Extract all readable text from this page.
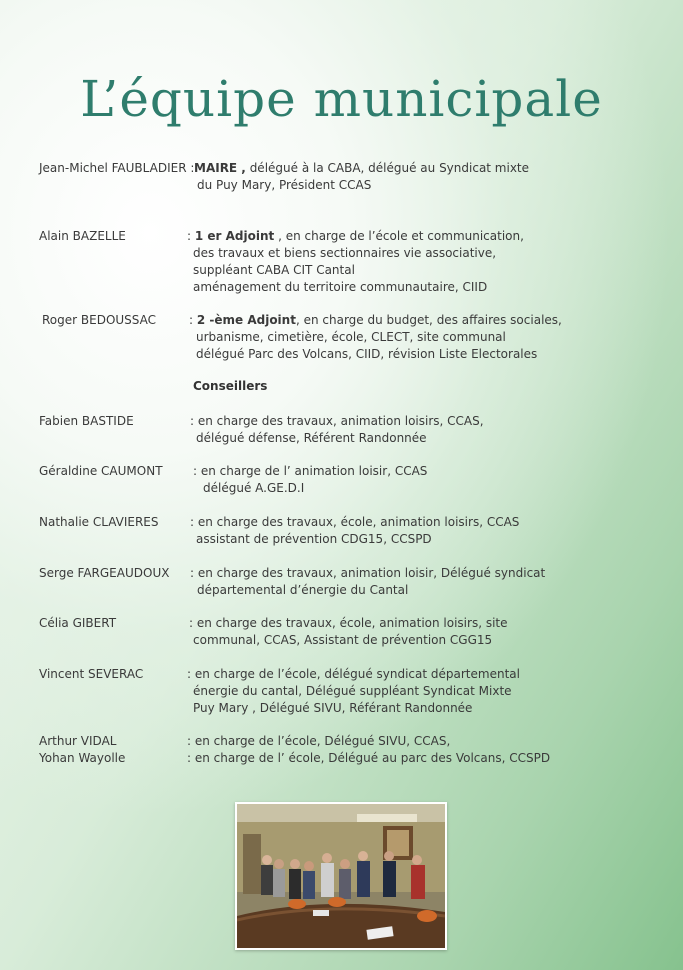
L’équipe municipale
Jean-Michel FAUBLADIER : MAIRE , délégué à la CABA, délégué au Syndicat mixte
du Puy Mary, Président CCAS
Alain BAZELLE	: 1 er Adjoint , en charge de l’école et communication,
des travaux et biens sectionnaires vie associative,
suppléant CABA CIT Cantal
aménagement du territoire communautaire, CIID
Roger BEDOUSSAC	: 2 -ème Adjoint, en charge du budget, des affaires sociales,
urbanisme, cimetière, école, CLECT, site communal
délégué Parc des Volcans, CIID, révision Liste Electorales
Conseillers
Fabien BASTIDE	: en charge des travaux, animation loisirs, CCAS,
délégué défense, Référent Randonnée
Géraldine CAUMONT	: en charge de l’ animation loisir, CCAS
délégué A.GE.D.I
Nathalie CLAVIERES	: en charge des travaux, école, animation loisirs, CCAS
assistant de prévention CDG15, CCSPD
Serge FARGEAUDOUX : en charge des travaux, animation loisir, Délégué syndicat
départemental d’énergie du Cantal
Célia GIBERT	: en charge des travaux, école, animation loisirs, site
communal, CCAS, Assistant de prévention CGG15
Vincent SEVERAC	: en charge de l’école, délégué syndicat départemental
énergie du cantal, Délégué suppléant Syndicat Mixte
Puy Mary , Délégué SIVU, Référant Randonnée
Arthur VIDAL	: en charge de l’école, Délégué SIVU, CCAS,
Yohan Wayolle	: en charge de l’ école, Délégué au parc des Volcans, CCSPD
